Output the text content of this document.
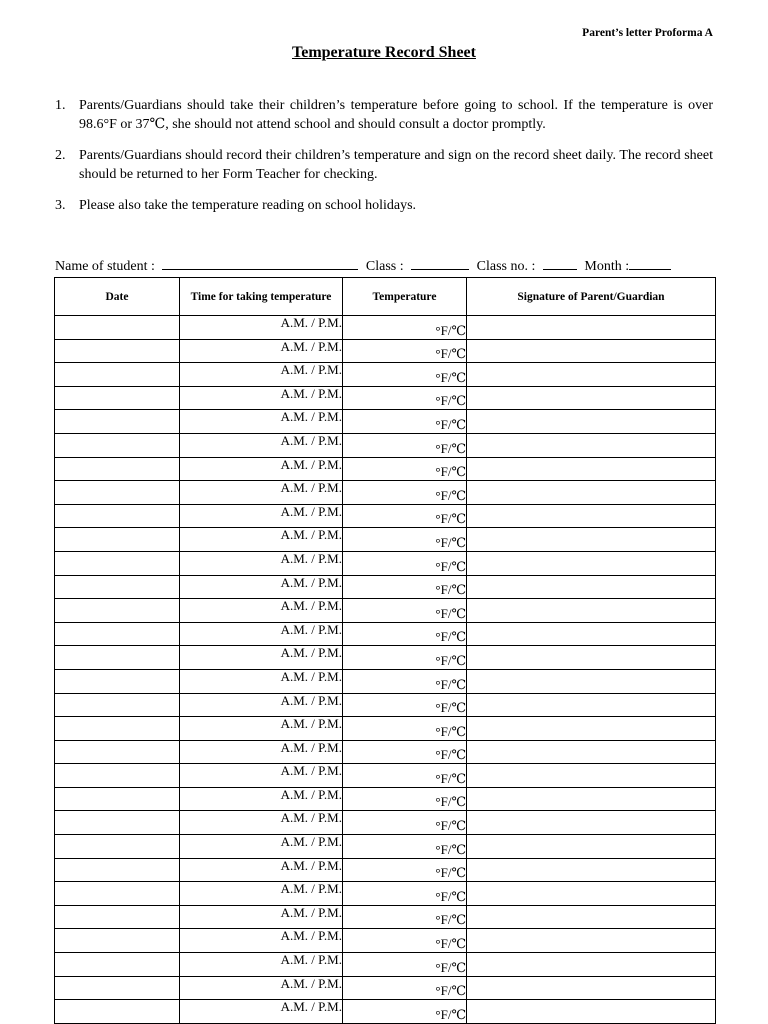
Parent’s letter Proforma A
Temperature Record Sheet
1. Parents/Guardians should take their children’s temperature before going to school. If the temperature is over 98.6°F or 37℃, she should not attend school and should consult a doctor promptly.
2. Parents/Guardians should record their children’s temperature and sign on the record sheet daily. The record sheet should be returned to her Form Teacher for checking.
3. Please also take the temperature reading on school holidays.
Name of student :	Class :	Class no. :	Month :
Date	Time for taking temperature	Temperature	Signature of Parent/Guardian
	A.M. / P.M.	°F/℃	
	A.M. / P.M.	°F/℃	
	A.M. / P.M.	°F/℃	
	A.M. / P.M.	°F/℃	
	A.M. / P.M.	°F/℃	
	A.M. / P.M.	°F/℃	
	A.M. / P.M.	°F/℃	
	A.M. / P.M.	°F/℃	
	A.M. / P.M.	°F/℃	
	A.M. / P.M.	°F/℃	
	A.M. / P.M.	°F/℃	
	A.M. / P.M.	°F/℃	
	A.M. / P.M.	°F/℃	
	A.M. / P.M.	°F/℃	
	A.M. / P.M.	°F/℃	
	A.M. / P.M.	°F/℃	
	A.M. / P.M.	°F/℃	
	A.M. / P.M.	°F/℃	
	A.M. / P.M.	°F/℃	
	A.M. / P.M.	°F/℃	
	A.M. / P.M.	°F/℃	
	A.M. / P.M.	°F/℃	
	A.M. / P.M.	°F/℃	
	A.M. / P.M.	°F/℃	
	A.M. / P.M.	°F/℃	
	A.M. / P.M.	°F/℃	
	A.M. / P.M.	°F/℃	
	A.M. / P.M.	°F/℃	
	A.M. / P.M.	°F/℃	
	A.M. / P.M.	°F/℃	
